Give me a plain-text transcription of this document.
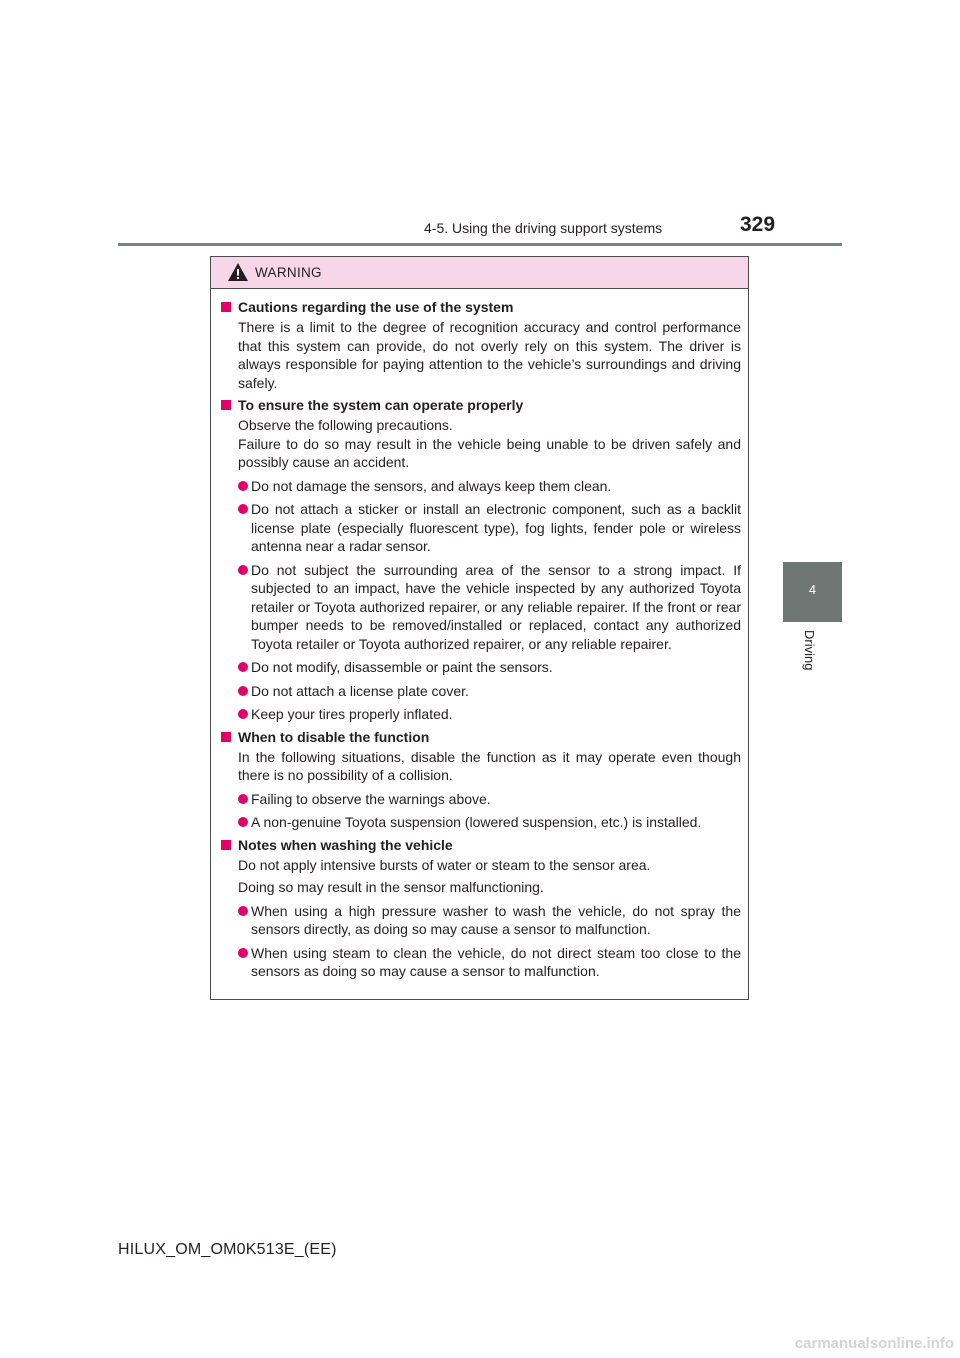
4-5. Using the driving support systems	329
4
Driving
WARNING
Cautions regarding the use of the system
There is a limit to the degree of recognition accuracy and control performance that this system can provide, do not overly rely on this system. The driver is always responsible for paying attention to the vehicle’s surroundings and driving safely.
To ensure the system can operate properly
Observe the following precautions.
Failure to do so may result in the vehicle being unable to be driven safely and possibly cause an accident.
Do not damage the sensors, and always keep them clean.
Do not attach a sticker or install an electronic component, such as a backlit license plate (especially fluorescent type), fog lights, fender pole or wireless antenna near a radar sensor.
Do not subject the surrounding area of the sensor to a strong impact. If subjected to an impact, have the vehicle inspected by any authorized Toyota retailer or Toyota authorized repairer, or any reliable repairer. If the front or rear bumper needs to be removed/installed or replaced, contact any authorized Toyota retailer or Toyota authorized repairer, or any reliable repairer.
Do not modify, disassemble or paint the sensors.
Do not attach a license plate cover.
Keep your tires properly inflated.
When to disable the function
In the following situations, disable the function as it may operate even though there is no possibility of a collision.
Failing to observe the warnings above.
A non-genuine Toyota suspension (lowered suspension, etc.) is installed.
Notes when washing the vehicle
Do not apply intensive bursts of water or steam to the sensor area.
Doing so may result in the sensor malfunctioning.
When using a high pressure washer to wash the vehicle, do not spray the sensors directly, as doing so may cause a sensor to malfunction.
When using steam to clean the vehicle, do not direct steam too close to the sensors as doing so may cause a sensor to malfunction.
HILUX_OM_OM0K513E_(EE)
carmanualsonline.info
